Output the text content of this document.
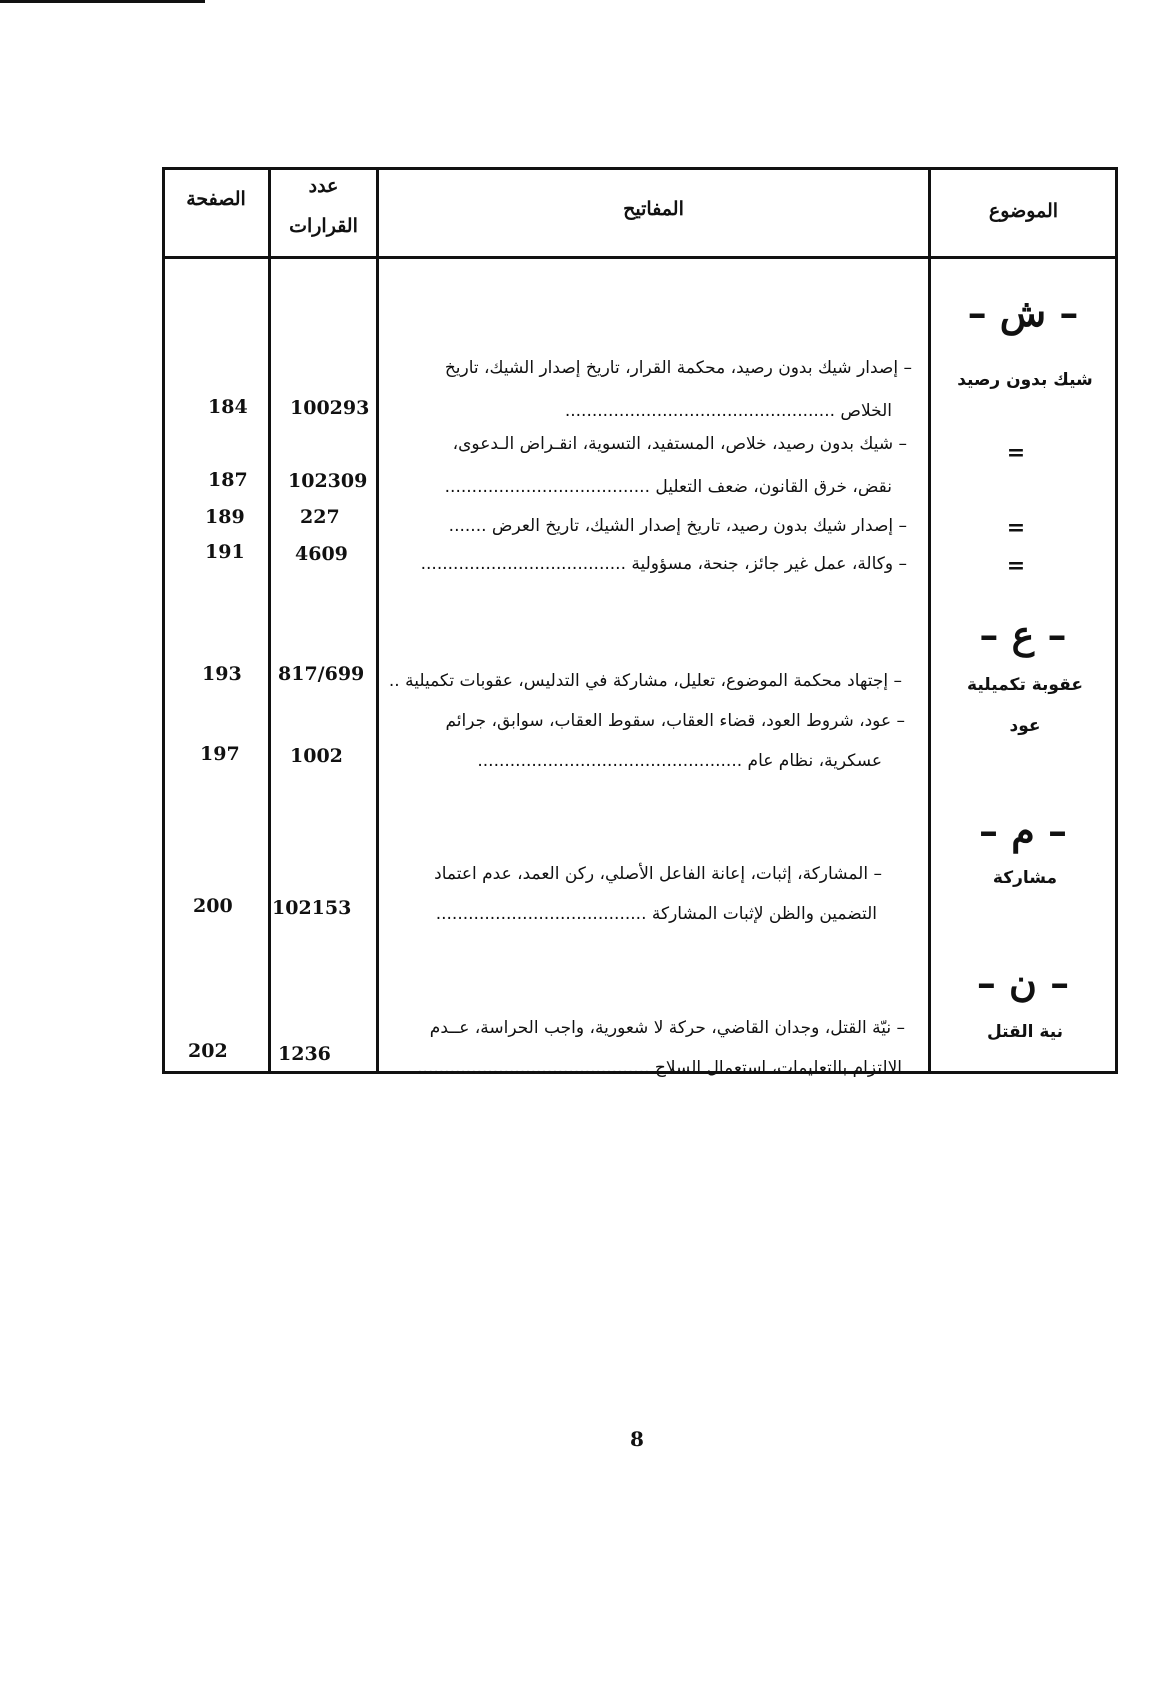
الموضوع
المفاتيح
عدد
القرارات
الصفحة
– ش –
– ع –
– م –
– ن –
شيك بدون رصيد
=
=
=
عقوبة تكميلية
عود
مشاركة
نية القتل
– إصدار شيك بدون رصيد، محكمة القرار، تاريخ إصدار الشيك، تاريخ
الخلاص ..................................................
100293
184
– شيك بدون رصيد، خلاص، المستفيد، التسوية، انقـراض الـدعوى،
نقض، خرق القانون، ضعف التعليل ......................................
102309
187
– إصدار شيك بدون رصيد، تاريخ إصدار الشيك، تاريخ العرض .......
227
189
– وكالة، عمل غير جائز، جنحة، مسؤولية ......................................
4609
191
– إجتهاد محكمة الموضوع، تعليل، مشاركة في التدليس، عقوبات تكميلية ..
817/699
193
– عود، شروط العود، قضاء العقاب، سقوط العقاب، سوابق، جرائم
عسكرية، نظام عام .................................................
1002
197
– المشاركة، إثبات، إعانة الفاعل الأصلي، ركن العمد، عدم اعتماد
التضمين والظن لإثبات المشاركة .......................................
102153
200
– نيّة القتل، وجدان القاضي، حركة لا شعورية، واجب الحراسة، عــدم
الالتزام بالتعليمات، استعمال السلاح ...........................................
1236
202
8
